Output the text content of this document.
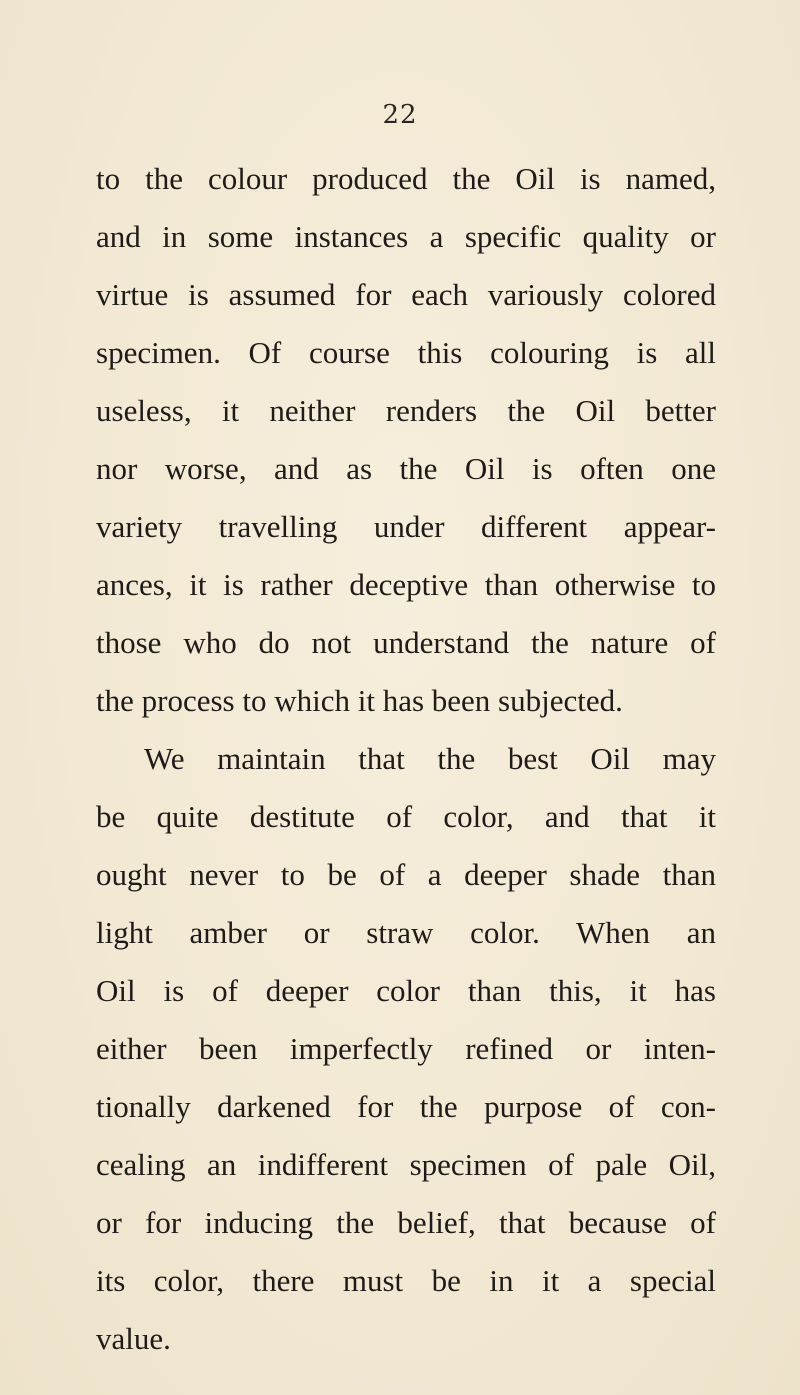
22
to the colour produced the Oil is named,
and in some instances a specific quality or
virtue is assumed for each variously colored
specimen. Of course this colouring is all
useless, it neither renders the Oil better
nor worse, and as the Oil is often one
variety travelling under different appear-
ances, it is rather deceptive than otherwise to
those who do not understand the nature of
the process to which it has been subjected.
We maintain that the best Oil may
be quite destitute of color, and that it
ought never to be of a deeper shade than
light amber or straw color. When an
Oil is of deeper color than this, it has
either been imperfectly refined or inten-
tionally darkened for the purpose of con-
cealing an indifferent specimen of pale Oil,
or for inducing the belief, that because of
its color, there must be in it a special
value.
